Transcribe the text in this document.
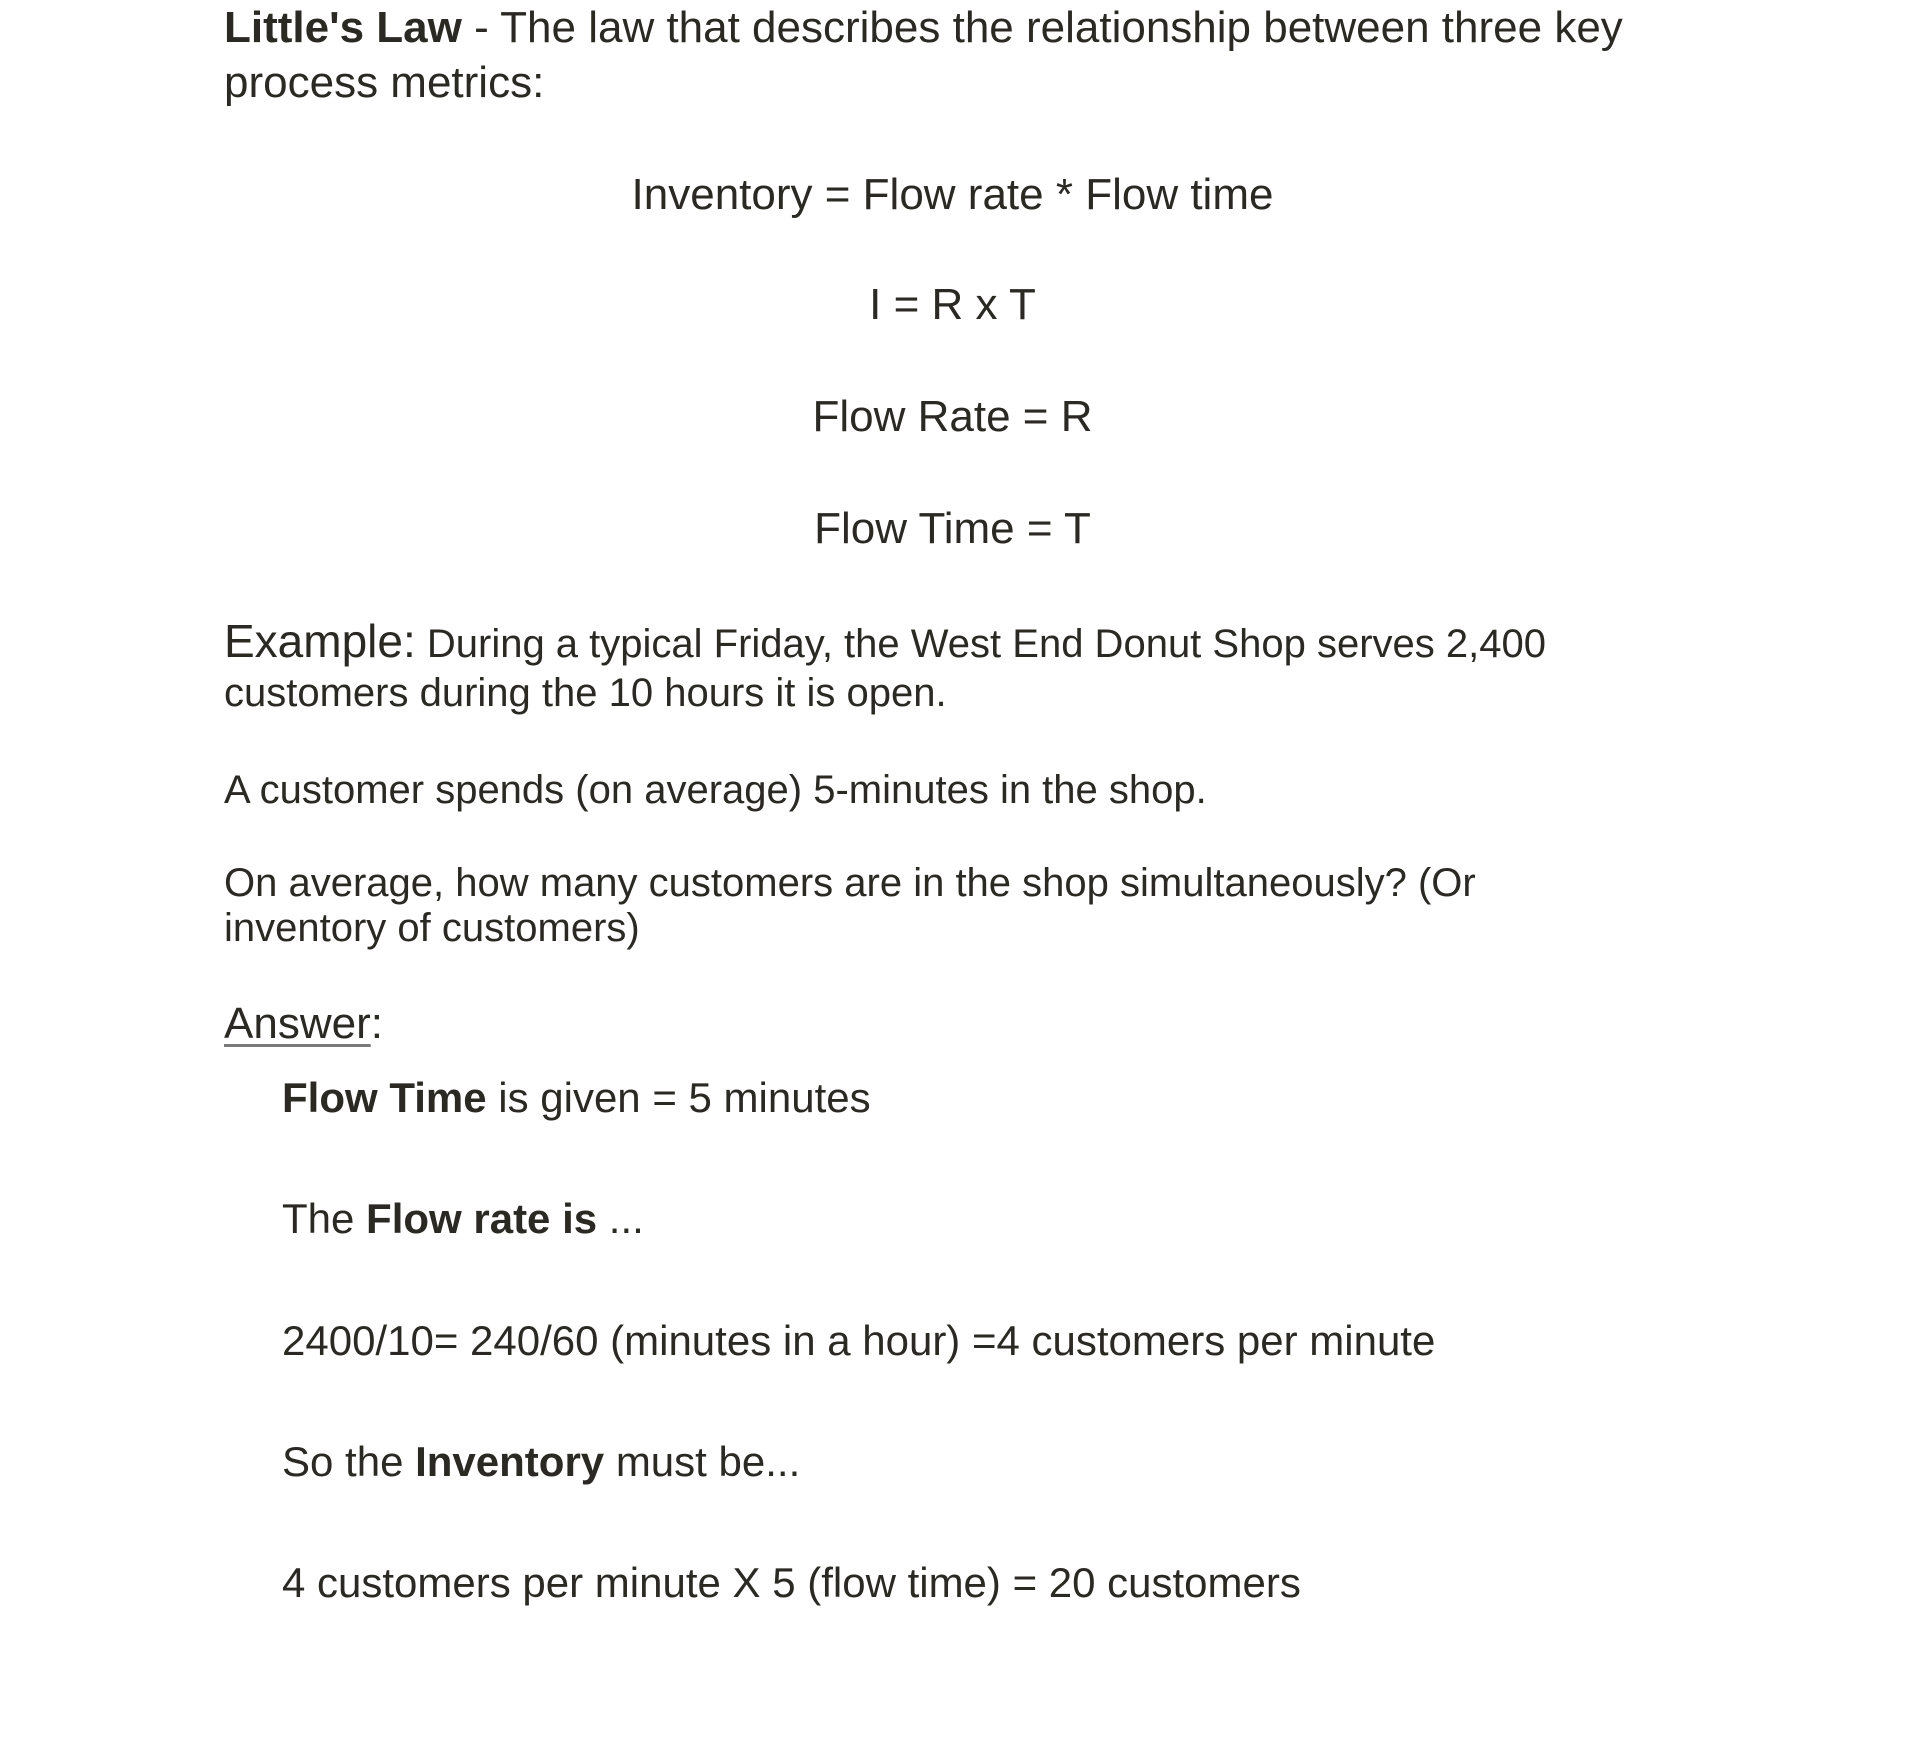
Little's Law - The law that describes the relationship between three key

process metrics:

Inventory = Flow rate * Flow time

I = R x T

Flow Rate = R

Flow Time = T

Example: During a typical Friday, the West End Donut Shop serves 2,400

customers during the 10 hours it is open.

A customer spends (on average) 5-minutes in the shop.

On average, how many customers are in the shop simultaneously? (Or

inventory of customers)

Answer:

Flow Time is given = 5 minutes

The Flow rate is ...

2400/10= 240/60 (minutes in a hour) =4 customers per minute

So the Inventory must be...

4 customers per minute X 5 (flow time) = 20 customers
